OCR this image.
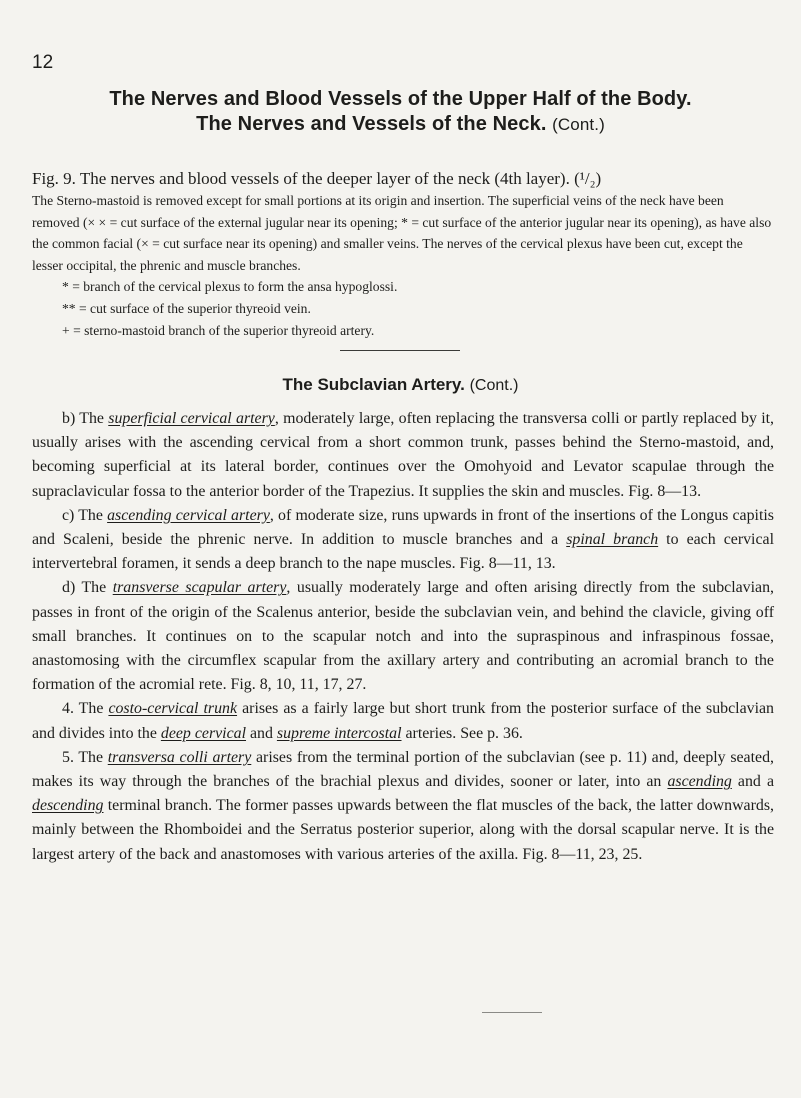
12
The Nerves and Blood Vessels of the Upper Half of the Body.
The Nerves and Vessels of the Neck. (Cont.)
Fig. 9. The nerves and blood vessels of the deeper layer of the neck (4th layer). (¹/₂)
The Sterno-mastoid is removed except for small portions at its origin and insertion. The superficial veins of the neck have been removed (× × = cut surface of the external jugular near its opening; * = cut surface of the anterior jugular near its opening), as have also the common facial (× = cut surface near its opening) and smaller veins. The nerves of the cervical plexus have been cut, except the lesser occipital, the phrenic and muscle branches.
* = branch of the cervical plexus to form the ansa hypoglossi.
** = cut surface of the superior thyreoid vein.
+ = sterno-mastoid branch of the superior thyreoid artery.
The Subclavian Artery. (Cont.)

b) The superficial cervical artery, moderately large, often replacing the transversa colli or partly replaced by it, usually arises with the ascending cervical from a short common trunk, passes behind the Sterno-mastoid, and, becoming superficial at its lateral border, continues over the Omohyoid and Levator scapulae through the supraclavicular fossa to the anterior border of the Trapezius. It supplies the skin and muscles. Fig. 8—13.

c) The ascending cervical artery, of moderate size, runs upwards in front of the insertions of the Longus capitis and Scaleni, beside the phrenic nerve. In addition to muscle branches and a spinal branch to each cervical intervertebral foramen, it sends a deep branch to the nape muscles. Fig. 8—11, 13.

d) The transverse scapular artery, usually moderately large and often arising directly from the subclavian, passes in front of the origin of the Scalenus anterior, beside the subclavian vein, and behind the clavicle, giving off small branches. It continues on to the scapular notch and into the supraspinous and infraspinous fossae, anastomosing with the circumflex scapular from the axillary artery and contributing an acromial branch to the formation of the acromial rete. Fig. 8, 10, 11, 17, 27.

4. The costo-cervical trunk arises as a fairly large but short trunk from the posterior surface of the subclavian and divides into the deep cervical and supreme intercostal arteries. See p. 36.

5. The transversa colli artery arises from the terminal portion of the subclavian (see p. 11) and, deeply seated, makes its way through the branches of the brachial plexus and divides, sooner or later, into an ascending and a descending terminal branch. The former passes upwards between the flat muscles of the back, the latter downwards, mainly between the Rhomboidei and the Serratus posterior superior, along with the dorsal scapular nerve. It is the largest artery of the back and anastomoses with various arteries of the axilla. Fig. 8—11, 23, 25.
